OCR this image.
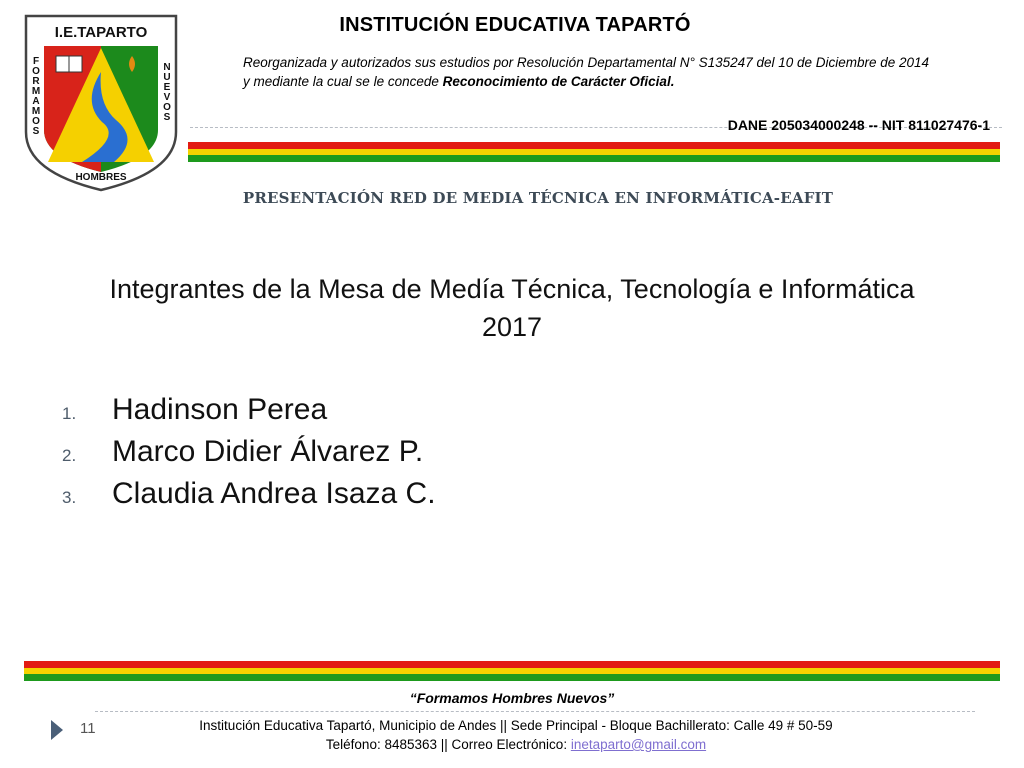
I.E.TAPARTO
F
O
R
M
A
M
O
S
N
U
E
V
O
S
HOMBRES
INSTITUCIÓN EDUCATIVA TAPARTÓ
Reorganizada y autorizados sus estudios por Resolución Departamental N° S135247 del 10 de Diciembre de 2014
y mediante la cual se le concede Reconocimiento de Carácter Oficial.
DANE 205034000248 -- NIT 811027476-1
PRESENTACIÓN RED DE MEDIA TÉCNICA EN INFORMÁTICA-EAFIT
Integrantes de la Mesa de Medía Técnica, Tecnología e Informática
2017
1. Hadinson Perea
2. Marco Didier Álvarez P.
3. Claudia Andrea Isaza C.
“Formamos Hombres Nuevos”
11	Institución Educativa Tapartó, Municipio de Andes || Sede Principal - Bloque Bachillerato: Calle 49 # 50-59
Teléfono: 8485363 || Correo Electrónico: inetaparto@gmail.com
